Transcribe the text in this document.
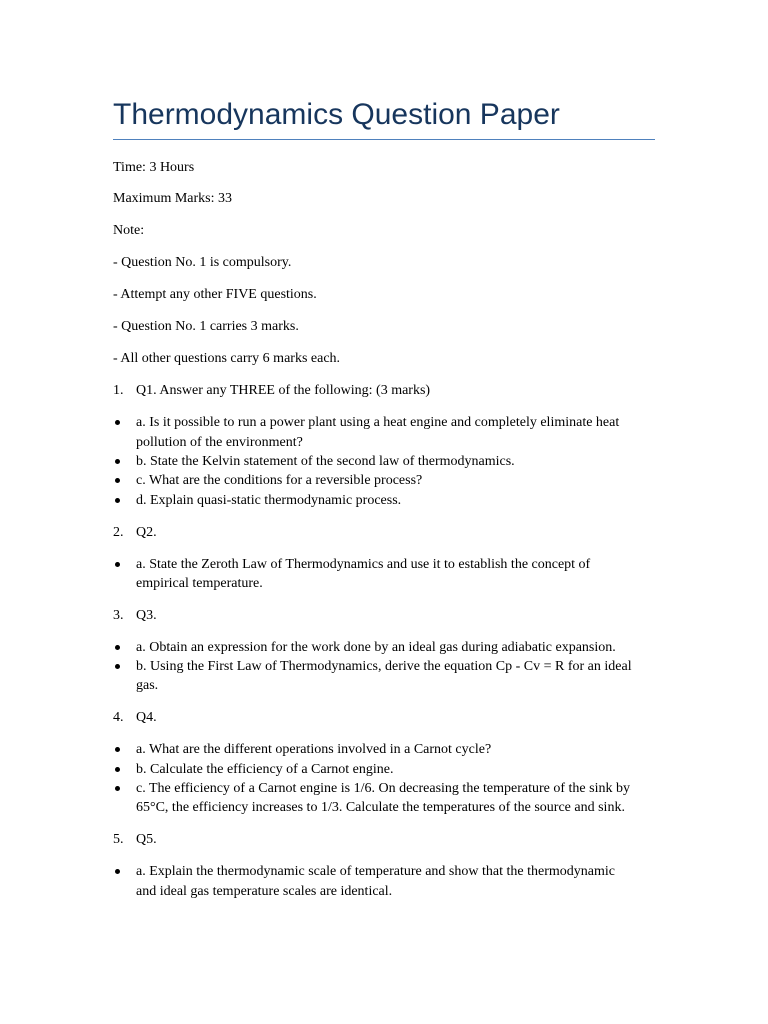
Thermodynamics Question Paper

Time: 3 Hours

Maximum Marks: 33

Note:

- Question No. 1 is compulsory.

- Attempt any other FIVE questions.

- Question No. 1 carries 3 marks.

- All other questions carry 6 marks each.

1. Q1. Answer any THREE of the following: (3 marks)
a. Is it possible to run a power plant using a heat engine and completely eliminate heat
pollution of the environment?
b. State the Kelvin statement of the second law of thermodynamics.
c. What are the conditions for a reversible process?
d. Explain quasi-static thermodynamic process.
2. Q2.
a. State the Zeroth Law of Thermodynamics and use it to establish the concept of
empirical temperature.
3. Q3.
a. Obtain an expression for the work done by an ideal gas during adiabatic expansion.
b. Using the First Law of Thermodynamics, derive the equation Cp - Cv = R for an ideal
gas.
4. Q4.
a. What are the different operations involved in a Carnot cycle?
b. Calculate the efficiency of a Carnot engine.
c. The efficiency of a Carnot engine is 1/6. On decreasing the temperature of the sink by
65°C, the efficiency increases to 1/3. Calculate the temperatures of the source and sink.
5. Q5.
a. Explain the thermodynamic scale of temperature and show that the thermodynamic
and ideal gas temperature scales are identical.
